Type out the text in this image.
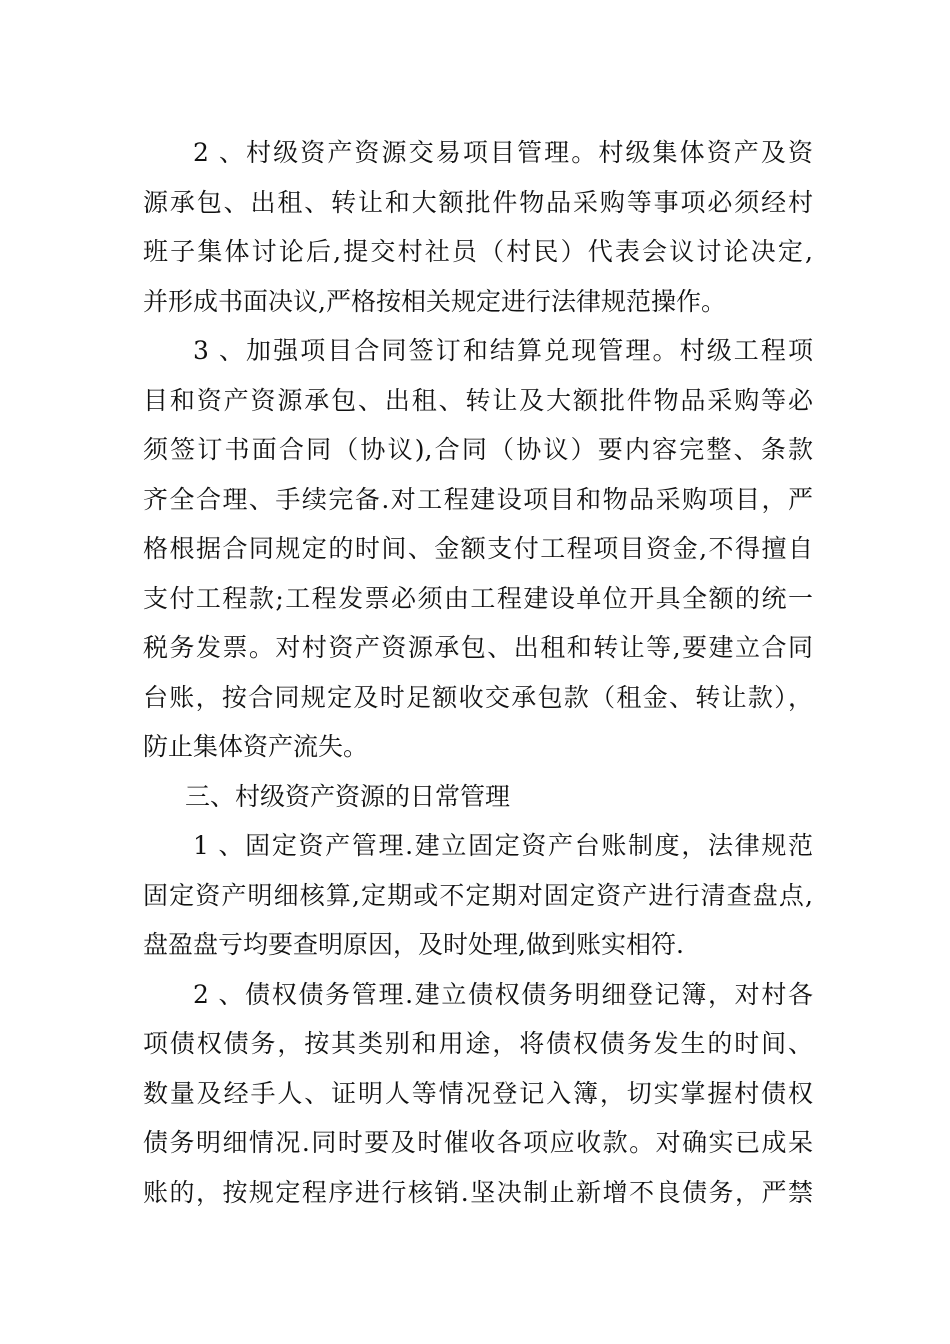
2 、村级资产资源交易项目管理。村级集体资产及资
源承包、出租、转让和大额批件物品采购等事项必须经村
班子集体讨论后,提交村社员（村民）代表会议讨论决定,
并形成书面决议,严格按相关规定进行法律规范操作。
3 、加强项目合同签订和结算兑现管理。村级工程项
目和资产资源承包、出租、转让及大额批件物品采购等必
须签订书面合同（协议),合同（协议）要内容完整、条款
齐全合理、手续完备.对工程建设项目和物品采购项目，严
格根据合同规定的时间、金额支付工程项目资金,不得擅自
支付工程款;工程发票必须由工程建设单位开具全额的统一
税务发票。对村资产资源承包、出租和转让等,要建立合同
台账，按合同规定及时足额收交承包款（租金、转让款），
防止集体资产流失。
三、村级资产资源的日常管理
1 、固定资产管理.建立固定资产台账制度，法律规范
固定资产明细核算,定期或不定期对固定资产进行清查盘点,
盘盈盘亏均要查明原因，及时处理,做到账实相符.
2 、债权债务管理.建立债权债务明细登记簿，对村各
项债权债务，按其类别和用途，将债权债务发生的时间、
数量及经手人、证明人等情况登记入簿，切实掌握村债权
债务明细情况.同时要及时催收各项应收款。对确实已成呆
账的，按规定程序进行核销.坚决制止新增不良债务，严禁
